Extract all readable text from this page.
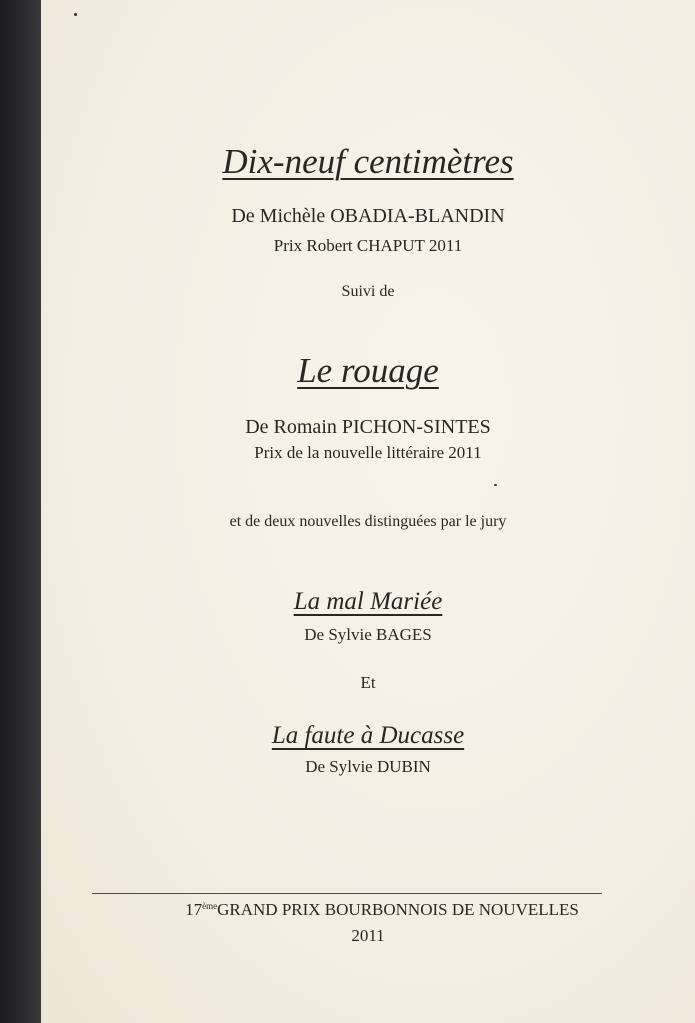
Dix-neuf centimètres
De Michèle OBADIA-BLANDIN
Prix Robert CHAPUT 2011
Suivi de
Le rouage
De Romain PICHON-SINTES
Prix de la nouvelle littéraire 2011
et de deux nouvelles distinguées par le jury
La mal Mariée
De Sylvie BAGES
Et
La faute à Ducasse
De Sylvie DUBIN
17èmeGRAND PRIX BOURBONNOIS DE NOUVELLES
2011
